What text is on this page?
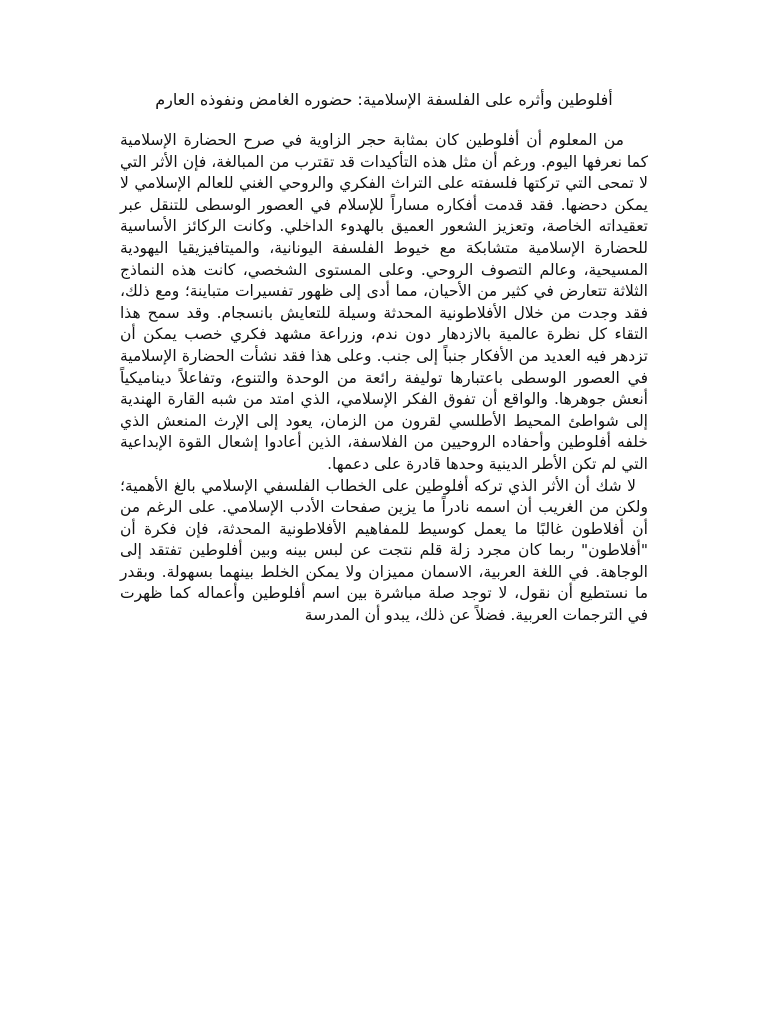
أفلوطين وأثره على الفلسفة الإسلامية: حضوره الغامض ونفوذه العارم

من المعلوم أن أفلوطين كان بمثابة حجر الزاوية في صرح الحضارة الإسلامية كما نعرفها اليوم. ورغم أن مثل هذه التأكيدات قد تقترب من المبالغة، فإن الأثر التي لا تمحى التي تركتها فلسفته على التراث الفكري والروحي الغني للعالم الإسلامي لا يمكن دحضها. فقد قدمت أفكاره مساراً للإسلام في العصور الوسطى للتنقل عبر تعقيداته الخاصة، وتعزيز الشعور العميق بالهدوء الداخلي. وكانت الركائز الأساسية للحضارة الإسلامية متشابكة مع خيوط الفلسفة اليونانية، والميتافيزيقيا اليهودية المسيحية، وعالم التصوف الروحي. وعلى المستوى الشخصي، كانت هذه النماذج الثلاثة تتعارض في كثير من الأحيان، مما أدى إلى ظهور تفسيرات متباينة؛ ومع ذلك، فقد وجدت من خلال الأفلاطونية المحدثة وسيلة للتعايش بانسجام. وقد سمح هذا التقاء كل نظرة عالمية بالازدهار دون ندم، وزراعة مشهد فكري خصب يمكن أن تزدهر فيه العديد من الأفكار جنباً إلى جنب. وعلى هذا فقد نشأت الحضارة الإسلامية في العصور الوسطى باعتبارها توليفة رائعة من الوحدة والتنوع، وتفاعلاً ديناميكياً أنعش جوهرها. والواقع أن تفوق الفكر الإسلامي، الذي امتد من شبه القارة الهندية إلى شواطئ المحيط الأطلسي لقرون من الزمان، يعود إلى الإرث المنعش الذي خلفه أفلوطين وأحفاده الروحيين من الفلاسفة، الذين أعادوا إشعال القوة الإبداعية التي لم تكن الأطر الدينية وحدها قادرة على دعمها.

لا شك أن الأثر الذي تركه أفلوطين على الخطاب الفلسفي الإسلامي بالغ الأهمية؛ ولكن من الغريب أن اسمه نادراً ما يزين صفحات الأدب الإسلامي. على الرغم من أن أفلاطون غالبًا ما يعمل كوسيط للمفاهيم الأفلاطونية المحدثة، فإن فكرة أن "أفلاطون" ربما كان مجرد زلة قلم نتجت عن لبس بينه وبين أفلوطين تفتقد إلى الوجاهة. في اللغة العربية، الاسمان مميزان ولا يمكن الخلط بينهما بسهولة. وبقدر ما نستطيع أن نقول، لا توجد صلة مباشرة بين اسم أفلوطين وأعماله كما ظهرت في الترجمات العربية. فضلاً عن ذلك، يبدو أن المدرسة
